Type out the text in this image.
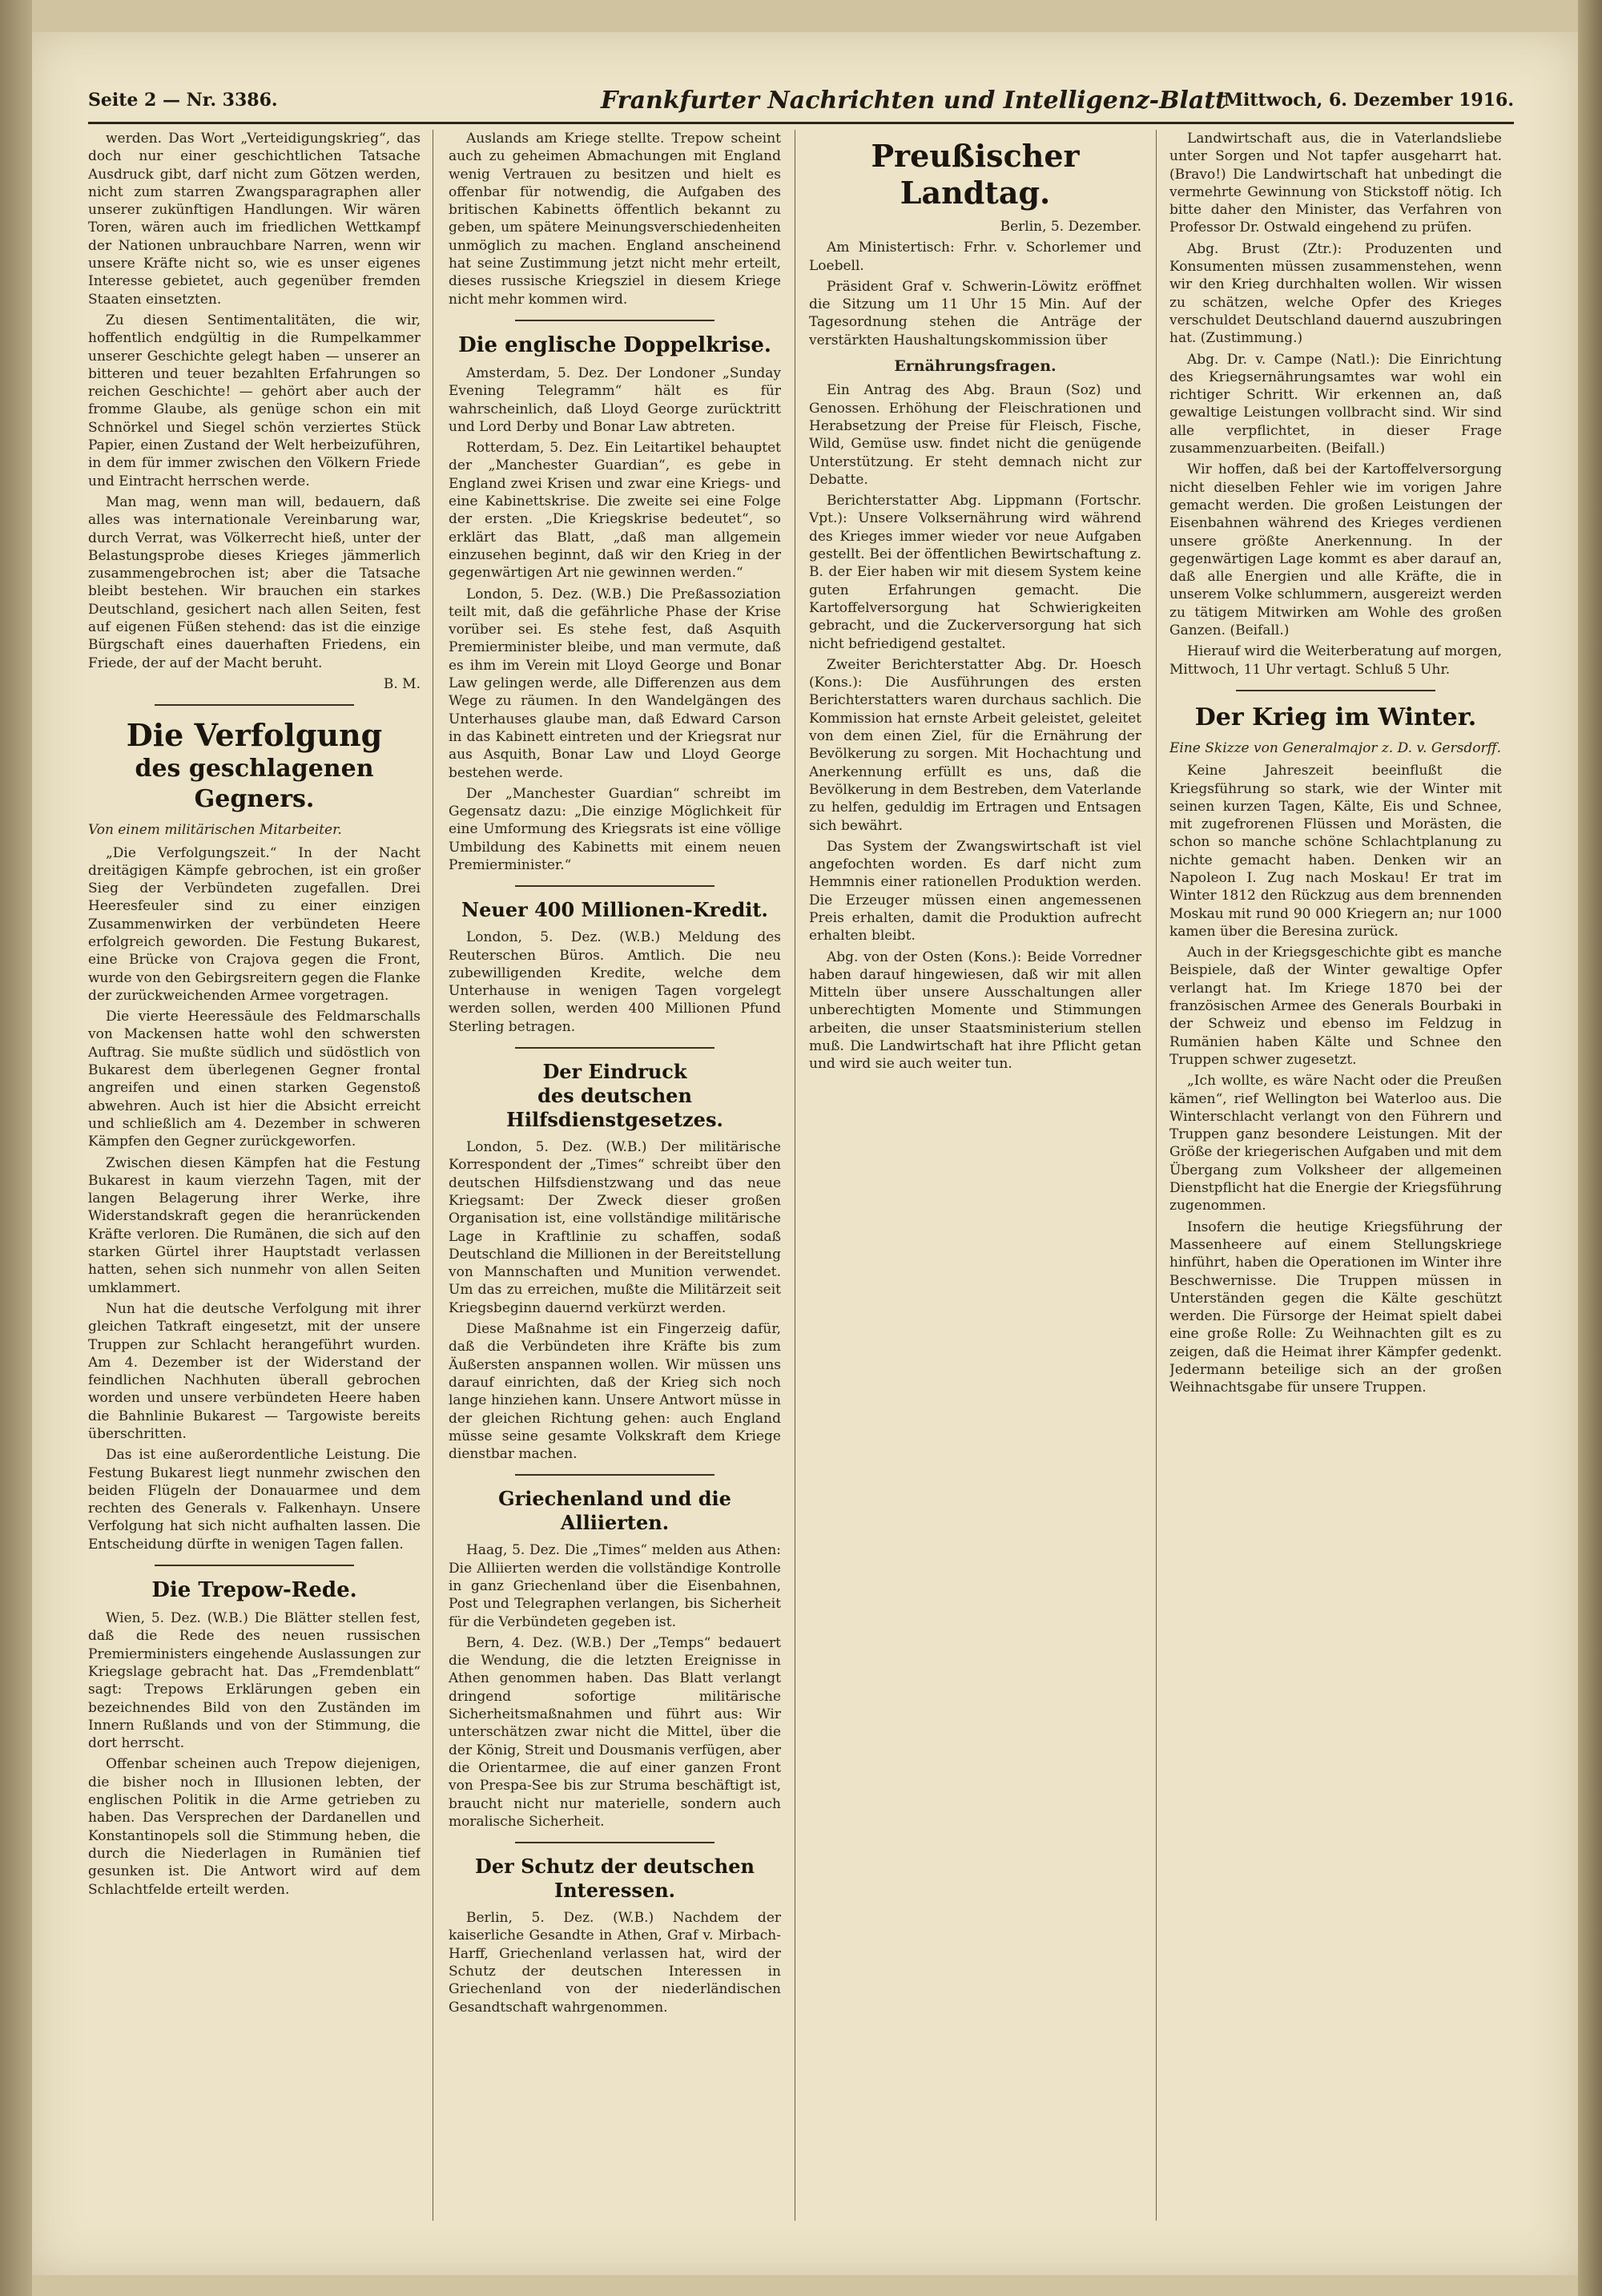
Seite 2 — Nr. 3386.	Frankfurter Nachrichten und Intelligenz-Blatt
Mittwoch, 6. Dezember 1916.

werden. Das Wort „Verteidigungskrieg“, das doch nur einer geschichtlichen Tatsache Ausdruck gibt, darf nicht zum Götzen werden, nicht zum starren Zwangsparagraphen aller unserer zukünftigen Handlungen. Wir wären Toren, wären auch im friedlichen Wettkampf der Nationen unbrauchbare Narren, wenn wir unsere Kräfte nicht so, wie es unser eigenes Interesse gebietet, auch gegenüber fremden Staaten einsetzten.

Zu diesen Sentimentalitäten, die wir, hoffentlich endgültig in die Rumpelkammer unserer Geschichte gelegt haben — unserer an bitteren und teuer bezahlten Erfahrungen so reichen Geschichte! — gehört aber auch der fromme Glaube, als genüge schon ein mit Schnörkel und Siegel schön verziertes Stück Papier, einen Zustand der Welt herbeizuführen, in dem für immer zwischen den Völkern Friede und Eintracht herrschen werde.

Man mag, wenn man will, bedauern, daß alles was internationale Vereinbarung war, durch Verrat, was Völkerrecht hieß, unter der Belastungsprobe dieses Krieges jämmerlich zusammengebrochen ist; aber die Tatsache bleibt bestehen. Wir brauchen ein starkes Deutschland, gesichert nach allen Seiten, fest auf eigenen Füßen stehend: das ist die einzige Bürgschaft eines dauerhaften Friedens, ein Friede, der auf der Macht beruht.

B. M.

Die Verfolgung
des geschlagenen Gegners.

Von einem militärischen Mitarbeiter.

„Die Verfolgungszeit.“ In der Nacht dreitägigen Kämpfe gebrochen, ist ein großer Sieg der Verbündeten zugefallen. Drei Heeresfeuler sind zu einer einzigen Zusammenwirken der verbündeten Heere erfolgreich geworden. Die Festung Bukarest, eine Brücke von Crajova gegen die Front, wurde von den Gebirgsreitern gegen die Flanke der zurückweichenden Armee vorgetragen.

Die vierte Heeressäule des Feldmarschalls von Mackensen hatte wohl den schwersten Auftrag. Sie mußte südlich und südöstlich von Bukarest dem überlegenen Gegner frontal angreifen und einen starken Gegenstoß abwehren. Auch ist hier die Absicht erreicht und schließlich am 4. Dezember in schweren Kämpfen den Gegner zurückgeworfen.

Zwischen diesen Kämpfen hat die Festung Bukarest in kaum vierzehn Tagen, mit der langen Belagerung ihrer Werke, ihre Widerstandskraft gegen die heranrückenden Kräfte verloren. Die Rumänen, die sich auf den starken Gürtel ihrer Hauptstadt verlassen hatten, sehen sich nunmehr von allen Seiten umklammert.

Nun hat die deutsche Verfolgung mit ihrer gleichen Tatkraft eingesetzt, mit der unsere Truppen zur Schlacht herangeführt wurden. Am 4. Dezember ist der Widerstand der feindlichen Nachhuten überall gebrochen worden und unsere verbündeten Heere haben die Bahnlinie Bukarest — Targowiste bereits überschritten.

Das ist eine außerordentliche Leistung. Die Festung Bukarest liegt nunmehr zwischen den beiden Flügeln der Donauarmee und dem rechten des Generals v. Falkenhayn. Unsere Verfolgung hat sich nicht aufhalten lassen. Die Entscheidung dürfte in wenigen Tagen fallen.

Die Trepow-Rede.

Wien, 5. Dez. (W.B.) Die Blätter stellen fest, daß die Rede des neuen russischen Premierministers eingehende Auslassungen zur Kriegslage gebracht hat. Das „Fremdenblatt“ sagt: Trepows Erklärungen geben ein bezeichnendes Bild von den Zuständen im Innern Rußlands und von der Stimmung, die dort herrscht.

Offenbar scheinen auch Trepow diejenigen, die bisher noch in Illusionen lebten, der englischen Politik in die Arme getrieben zu haben. Das Versprechen der Dardanellen und Konstantinopels soll die Stimmung heben, die durch die Niederlagen in Rumänien tief gesunken ist. Die Antwort wird auf dem Schlachtfelde erteilt werden.

Auslands am Kriege stellte. Trepow scheint auch zu geheimen Abmachungen mit England wenig Vertrauen zu besitzen und hielt es offenbar für notwendig, die Aufgaben des britischen Kabinetts öffentlich bekannt zu geben, um spätere Meinungsverschiedenheiten unmöglich zu machen. England anscheinend hat seine Zustimmung jetzt nicht mehr erteilt, dieses russische Kriegsziel in diesem Kriege nicht mehr kommen wird.

Die englische Doppelkrise.

Amsterdam, 5. Dez. Der Londoner „Sunday Evening Telegramm“ hält es für wahrscheinlich, daß Lloyd George zurücktritt und Lord Derby und Bonar Law abtreten.

Rotterdam, 5. Dez. Ein Leitartikel behauptet der „Manchester Guardian“, es gebe in England zwei Krisen und zwar eine Kriegs- und eine Kabinettskrise. Die zweite sei eine Folge der ersten. „Die Kriegskrise bedeutet“, so erklärt das Blatt, „daß man allgemein einzusehen beginnt, daß wir den Krieg in der gegenwärtigen Art nie gewinnen werden.“

London, 5. Dez. (W.B.) Die Preßassoziation teilt mit, daß die gefährliche Phase der Krise vorüber sei. Es stehe fest, daß Asquith Premierminister bleibe, und man vermute, daß es ihm im Verein mit Lloyd George und Bonar Law gelingen werde, alle Differenzen aus dem Wege zu räumen. In den Wandelgängen des Unterhauses glaube man, daß Edward Carson in das Kabinett eintreten und der Kriegsrat nur aus Asquith, Bonar Law und Lloyd George bestehen werde.

Der „Manchester Guardian“ schreibt im Gegensatz dazu: „Die einzige Möglichkeit für eine Umformung des Kriegsrats ist eine völlige Umbildung des Kabinetts mit einem neuen Premierminister.“

Neuer 400 Millionen-Kredit.

London, 5. Dez. (W.B.) Meldung des Reuterschen Büros. Amtlich. Die neu zubewilligenden Kredite, welche dem Unterhause in wenigen Tagen vorgelegt werden sollen, werden 400 Millionen Pfund Sterling betragen.

Der Eindruck
des deutschen Hilfsdienstgesetzes.

London, 5. Dez. (W.B.) Der militärische Korrespondent der „Times“ schreibt über den deutschen Hilfsdienstzwang und das neue Kriegsamt: Der Zweck dieser großen Organisation ist, eine vollständige militärische Lage in Kraftlinie zu schaffen, sodaß Deutschland die Millionen in der Bereitstellung von Mannschaften und Munition verwendet. Um das zu erreichen, mußte die Militärzeit seit Kriegsbeginn dauernd verkürzt werden.

Diese Maßnahme ist ein Fingerzeig dafür, daß die Verbündeten ihre Kräfte bis zum Äußersten anspannen wollen. Wir müssen uns darauf einrichten, daß der Krieg sich noch lange hinziehen kann. Unsere Antwort müsse in der gleichen Richtung gehen: auch England müsse seine gesamte Volkskraft dem Kriege dienstbar machen.

Griechenland und die Alliierten.

Haag, 5. Dez. Die „Times“ melden aus Athen: Die Alliierten werden die vollständige Kontrolle in ganz Griechenland über die Eisenbahnen, Post und Telegraphen verlangen, bis Sicherheit für die Verbündeten gegeben ist.

Bern, 4. Dez. (W.B.) Der „Temps“ bedauert die Wendung, die die letzten Ereignisse in Athen genommen haben. Das Blatt verlangt dringend sofortige militärische Sicherheitsmaßnahmen und führt aus: Wir unterschätzen zwar nicht die Mittel, über die der König, Streit und Dousmanis verfügen, aber die Orientarmee, die auf einer ganzen Front von Prespa-See bis zur Struma beschäftigt ist, braucht nicht nur materielle, sondern auch moralische Sicherheit.

Der Schutz der deutschen Interessen.

Berlin, 5. Dez. (W.B.) Nachdem der kaiserliche Gesandte in Athen, Graf v. Mirbach-Harff, Griechenland verlassen hat, wird der Schutz der deutschen Interessen in Griechenland von der niederländischen Gesandtschaft wahrgenommen.

Preußischer Landtag.

Berlin, 5. Dezember.

Am Ministertisch: Frhr. v. Schorlemer und Loebell.

Präsident Graf v. Schwerin-Löwitz eröffnet die Sitzung um 11 Uhr 15 Min. Auf der Tagesordnung stehen die Anträge der verstärkten Haushaltungskommission über

Ernährungsfragen.

Ein Antrag des Abg. Braun (Soz) und Genossen. Erhöhung der Fleischrationen und Herabsetzung der Preise für Fleisch, Fische, Wild, Gemüse usw. findet nicht die genügende Unterstützung. Er steht demnach nicht zur Debatte.

Berichterstatter Abg. Lippmann (Fortschr. Vpt.): Unsere Volksernährung wird während des Krieges immer wieder vor neue Aufgaben gestellt. Bei der öffentlichen Bewirtschaftung z. B. der Eier haben wir mit diesem System keine guten Erfahrungen gemacht. Die Kartoffelversorgung hat Schwierigkeiten gebracht, und die Zuckerversorgung hat sich nicht befriedigend gestaltet.

Zweiter Berichterstatter Abg. Dr. Hoesch (Kons.): Die Ausführungen des ersten Berichterstatters waren durchaus sachlich. Die Kommission hat ernste Arbeit geleistet, geleitet von dem einen Ziel, für die Ernährung der Bevölkerung zu sorgen. Mit Hochachtung und Anerkennung erfüllt es uns, daß die Bevölkerung in dem Bestreben, dem Vaterlande zu helfen, geduldig im Ertragen und Entsagen sich bewährt.

Das System der Zwangswirtschaft ist viel angefochten worden. Es darf nicht zum Hemmnis einer rationellen Produktion werden. Die Erzeuger müssen einen angemessenen Preis erhalten, damit die Produktion aufrecht erhalten bleibt.

Abg. von der Osten (Kons.): Beide Vorredner haben darauf hingewiesen, daß wir mit allen Mitteln über unsere Ausschaltungen aller unberechtigten Momente und Stimmungen arbeiten, die unser Staatsministerium stellen muß. Die Landwirtschaft hat ihre Pflicht getan und wird sie auch weiter tun.

Landwirtschaft aus, die in Vaterlandsliebe unter Sorgen und Not tapfer ausgeharrt hat. (Bravo!) Die Landwirtschaft hat unbedingt die vermehrte Gewinnung von Stickstoff nötig. Ich bitte daher den Minister, das Verfahren von Professor Dr. Ostwald eingehend zu prüfen.

Abg. Brust (Ztr.): Produzenten und Konsumenten müssen zusammenstehen, wenn wir den Krieg durchhalten wollen. Wir wissen zu schätzen, welche Opfer des Krieges verschuldet Deutschland dauernd auszubringen hat. (Zustimmung.)

Abg. Dr. v. Campe (Natl.): Die Einrichtung des Kriegsernährungsamtes war wohl ein richtiger Schritt. Wir erkennen an, daß gewaltige Leistungen vollbracht sind. Wir sind alle verpflichtet, in dieser Frage zusammenzuarbeiten. (Beifall.)

Wir hoffen, daß bei der Kartoffelversorgung nicht dieselben Fehler wie im vorigen Jahre gemacht werden. Die großen Leistungen der Eisenbahnen während des Krieges verdienen unsere größte Anerkennung. In der gegenwärtigen Lage kommt es aber darauf an, daß alle Energien und alle Kräfte, die in unserem Volke schlummern, ausgereizt werden zu tätigem Mitwirken am Wohle des großen Ganzen. (Beifall.)

Hierauf wird die Weiterberatung auf morgen, Mittwoch, 11 Uhr vertagt. Schluß 5 Uhr.

Der Krieg im Winter.

Eine Skizze von Generalmajor z. D. v. Gersdorff.

Keine Jahreszeit beeinflußt die Kriegsführung so stark, wie der Winter mit seinen kurzen Tagen, Kälte, Eis und Schnee, mit zugefrorenen Flüssen und Morästen, die schon so manche schöne Schlachtplanung zu nichte gemacht haben. Denken wir an Napoleon I. Zug nach Moskau! Er trat im Winter 1812 den Rückzug aus dem brennenden Moskau mit rund 90 000 Kriegern an; nur 1000 kamen über die Beresina zurück.

Auch in der Kriegsgeschichte gibt es manche Beispiele, daß der Winter gewaltige Opfer verlangt hat. Im Kriege 1870 bei der französischen Armee des Generals Bourbaki in der Schweiz und ebenso im Feldzug in Rumänien haben Kälte und Schnee den Truppen schwer zugesetzt.

„Ich wollte, es wäre Nacht oder die Preußen kämen“, rief Wellington bei Waterloo aus. Die Winterschlacht verlangt von den Führern und Truppen ganz besondere Leistungen. Mit der Größe der kriegerischen Aufgaben und mit dem Übergang zum Volksheer der allgemeinen Dienstpflicht hat die Energie der Kriegsführung zugenommen.

Insofern die heutige Kriegsführung der Massenheere auf einem Stellungskriege hinführt, haben die Operationen im Winter ihre Beschwernisse. Die Truppen müssen in Unterständen gegen die Kälte geschützt werden. Die Fürsorge der Heimat spielt dabei eine große Rolle: Zu Weihnachten gilt es zu zeigen, daß die Heimat ihrer Kämpfer gedenkt. Jedermann beteilige sich an der großen Weihnachtsgabe für unsere Truppen.
